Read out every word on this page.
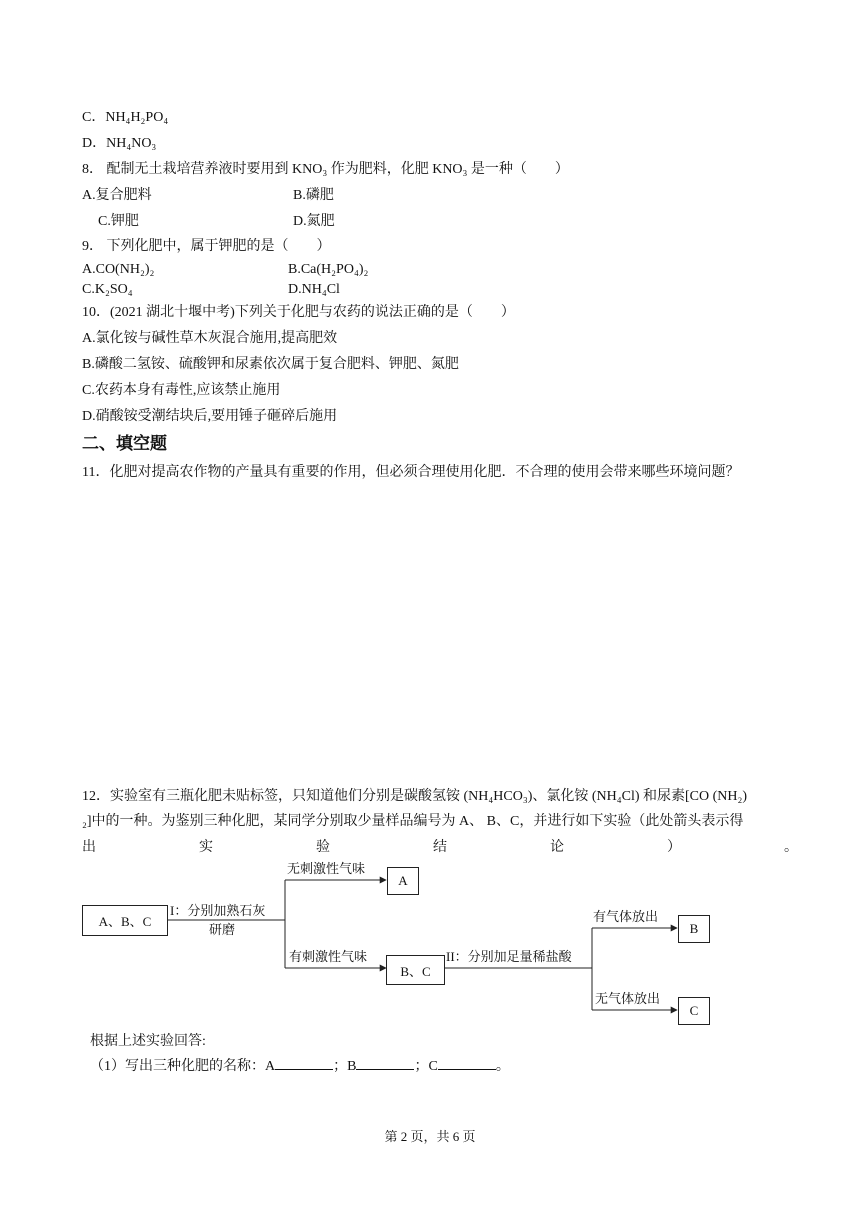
C．NH₄H₂PO₄
D．NH₄NO₃
8． 配制无土栽培营养液时要用到 KNO₃ 作为肥料，化肥 KNO₃ 是一种（　　）
A.复合肥料	B.磷肥
C.钾肥	D.氮肥
9． 下列化肥中，属于钾肥的是（　　）
A.CO(NH₂)₂	B.Ca(H₂PO₄)₂
C.K₂SO₄	D.NH₄Cl
10．(2021 湖北十堰中考)下列关于化肥与农药的说法正确的是（　　）
A.氯化铵与碱性草木灰混合施用,提高肥效
B.磷酸二氢铵、硫酸钾和尿素依次属于复合肥料、钾肥、氮肥
C.农药本身有毒性,应该禁止施用
D.硝酸铵受潮结块后,要用锤子砸碎后施用
二、填空题
11．化肥对提高农作物的产量具有重要的作用，但必须合理使用化肥．不合理的使用会带来哪些环境问题？
12．实验室有三瓶化肥未贴标签，只知道他们分别是碳酸氢铵 (NH₄HCO₃)、氯化铵 (NH₄Cl) 和尿素[CO (NH₂)
₂]中的一种。为鉴别三种化肥，某同学分别取少量样品编号为 A、 B、C，并进行如下实验（此处箭头表示得
出	实	验	结	论	）	。
A、B、C
I：分别加熟石灰
研磨
无刺激性气味
A
有刺激性气味
B、C
II：分别加足量稀盐酸
有气体放出
B
无气体放出
C
根据上述实验回答:
（1）写出三种化肥的名称：A	；B	；C	。
第 2 页，共 6 页
